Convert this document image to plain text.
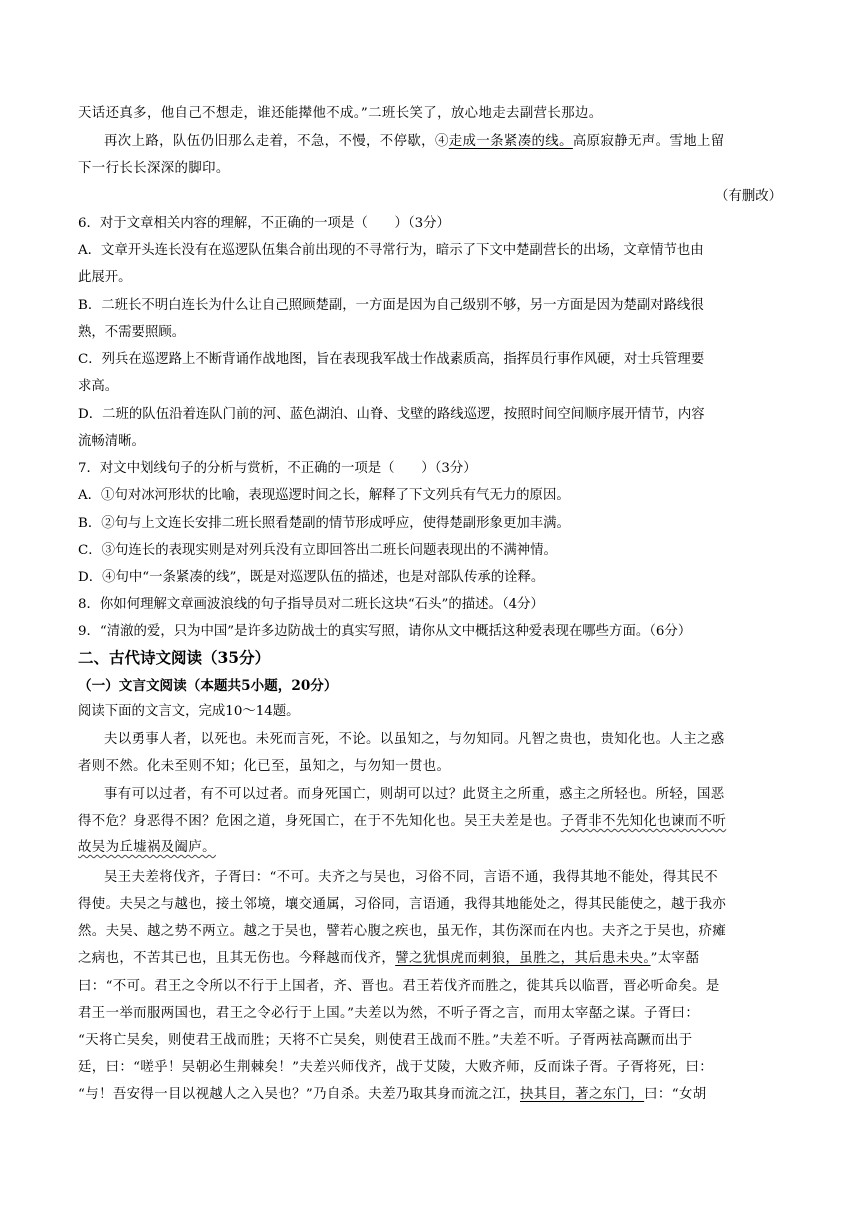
天话还真多，他自己不想走，谁还能撵他不成。”二班长笑了，放心地走去副营长那边。
再次上路，队伍仍旧那么走着，不急，不慢，不停歇，④走成一条紧凑的线。高原寂静无声。雪地上留
下一行长长深深的脚印。
（有删改）
6．对于文章相关内容的理解，不正确的一项是（　　）（3分）
A．文章开头连长没有在巡逻队伍集合前出现的不寻常行为，暗示了下文中楚副营长的出场，文章情节也由
此展开。
B．二班长不明白连长为什么让自己照顾楚副，一方面是因为自己级别不够，另一方面是因为楚副对路线很
熟，不需要照顾。
C．列兵在巡逻路上不断背诵作战地图，旨在表现我军战士作战素质高，指挥员行事作风硬，对士兵管理要
求高。
D．二班的队伍沿着连队门前的河、蓝色湖泊、山脊、戈壁的路线巡逻，按照时间空间顺序展开情节，内容
流畅清晰。
7．对文中划线句子的分析与赏析，不正确的一项是（　　）（3分）
A．①句对冰河形状的比喻，表现巡逻时间之长，解释了下文列兵有气无力的原因。
B．②句与上文连长安排二班长照看楚副的情节形成呼应，使得楚副形象更加丰满。
C．③句连长的表现实则是对列兵没有立即回答出二班长问题表现出的不满神情。
D．④句中“一条紧凑的线”，既是对巡逻队伍的描述，也是对部队传承的诠释。
8．你如何理解文章画波浪线的句子指导员对二班长这块“石头”的描述。（4分）
9．“清澈的爱，只为中国”是许多边防战士的真实写照，请你从文中概括这种爱表现在哪些方面。（6分）
二、古代诗文阅读（35分）
（一）文言文阅读（本题共5小题，20分）
阅读下面的文言文，完成10～14题。
夫以勇事人者，以死也。未死而言死，不论。以虽知之，与勿知同。凡智之贵也，贵知化也。人主之惑
者则不然。化未至则不知；化已至，虽知之，与勿知一贯也。
事有可以过者，有不可以过者。而身死国亡，则胡可以过？此贤主之所重，惑主之所轻也。所轻，国恶
得不危？身恶得不困？危困之道，身死国亡，在于不先知化也。吴王夫差是也。子胥非不先知化也谏而不听
故吴为丘墟祸及阖庐。
吴王夫差将伐齐，子胥曰：“不可。夫齐之与吴也，习俗不同，言语不通，我得其地不能处，得其民不
得使。夫吴之与越也，接土邻境，壤交通属，习俗同，言语通，我得其地能处之，得其民能使之，越于我亦
然。夫吴、越之势不两立。越之于吴也，譬若心腹之疾也，虽无作，其伤深而在内也。夫齐之于吴也，疥瘫
之病也，不苦其已也，且其无伤也。今释越而伐齐，譬之犹惧虎而刺狼，虽胜之，其后患未央。”太宰嚭
曰：“不可。君王之令所以不行于上国者，齐、晋也。君王若伐齐而胜之，徙其兵以临晋，晋必听命矣。是
君王一举而服两国也，君王之令必行于上国。”夫差以为然，不听子胥之言，而用太宰嚭之谋。子胥曰：
“天将亡吴矣，则使君王战而胜；天将不亡吴矣，则使君王战而不胜。”夫差不听。子胥两袪高蹶而出于
廷，曰：“嗟乎！吴朝必生荆棘矣！”夫差兴师伐齐，战于艾陵，大败齐师，反而诛子胥。子胥将死，曰：
“与！吾安得一目以视越人之入吴也？”乃自杀。夫差乃取其身而流之江，抉其目，著之东门，曰：“女胡
